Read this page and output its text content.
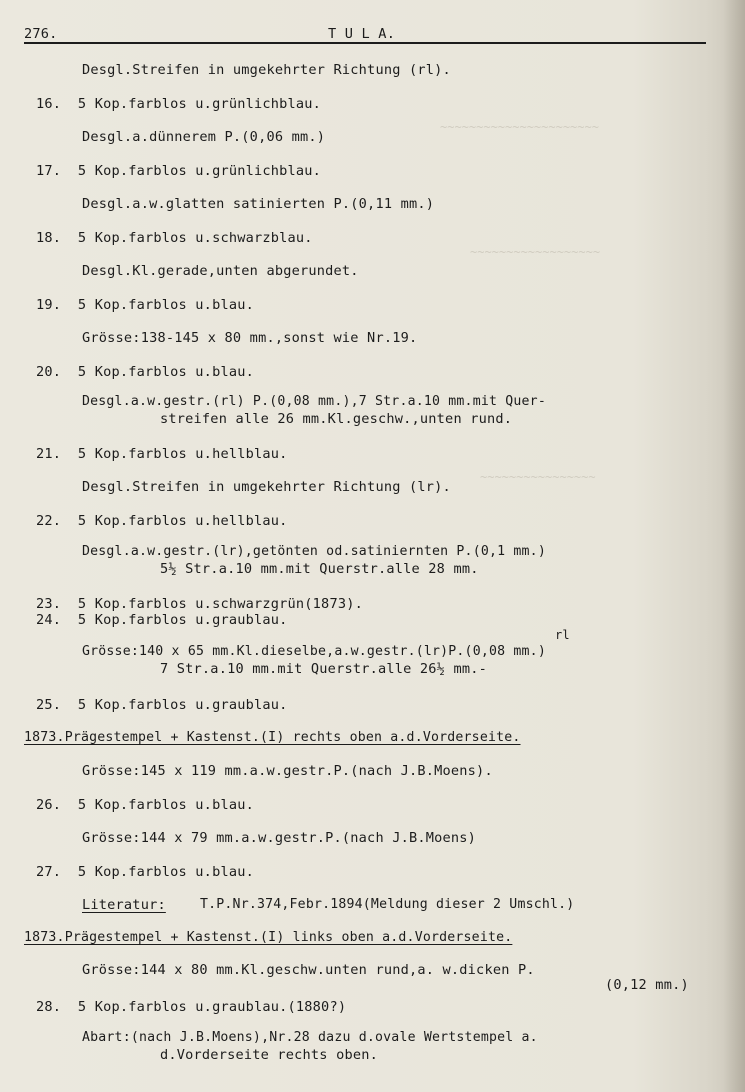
~~~~~~~~~~~~~~~~~~~~~~
~~~~~~~~~~~~~~~~~~
~~~~~~~~~~~~~~~~
276.	T U L A.
Desgl.Streifen in umgekehrter Richtung (rl).
16.  5 Kop.farblos u.grünlichblau.
Desgl.a.dünnerem P.(0,06 mm.)
17.  5 Kop.farblos u.grünlichblau.
Desgl.a.w.glatten satinierten P.(0,11 mm.)
18.  5 Kop.farblos u.schwarzblau.
Desgl.Kl.gerade,unten abgerundet.
19.  5 Kop.farblos u.blau.
Grösse:138-145 x 80 mm.,sonst wie Nr.19.
20.  5 Kop.farblos u.blau.
Desgl.a.w.gestr.(rl) P.(0,08 mm.),7 Str.a.10 mm.mit Quer-
streifen alle 26 mm.Kl.geschw.,unten rund.
21.  5 Kop.farblos u.hellblau.
Desgl.Streifen in umgekehrter Richtung (lr).
22.  5 Kop.farblos u.hellblau.
Desgl.a.w.gestr.(lr),getönten od.satiniernten P.(0,1 mm.)
5½ Str.a.10 mm.mit Querstr.alle 28 mm.
23.  5 Kop.farblos u.schwarzgrün(1873).
24.  5 Kop.farblos u.graublau.
rl
Grösse:140 x 65 mm.Kl.dieselbe,a.w.gestr.(lr)P.(0,08 mm.)
7 Str.a.10 mm.mit Querstr.alle 26½ mm.-
25.  5 Kop.farblos u.graublau.
1873.Prägestempel + Kastenst.(I) rechts oben a.d.Vorderseite.
Grösse:145 x 119 mm.a.w.gestr.P.(nach J.B.Moens).
26.  5 Kop.farblos u.blau.
Grösse:144 x 79 mm.a.w.gestr.P.(nach J.B.Moens)
27.  5 Kop.farblos u.blau.
Literatur:	T.P.Nr.374,Febr.1894(Meldung dieser 2 Umschl.)
1873.Prägestempel + Kastenst.(I) links oben a.d.Vorderseite.
Grösse:144 x 80 mm.Kl.geschw.unten rund,a. w.dicken P.
(0,12 mm.)
28.  5 Kop.farblos u.graublau.(1880?)
Abart:(nach J.B.Moens),Nr.28 dazu d.ovale Wertstempel a.
d.Vorderseite rechts oben.
